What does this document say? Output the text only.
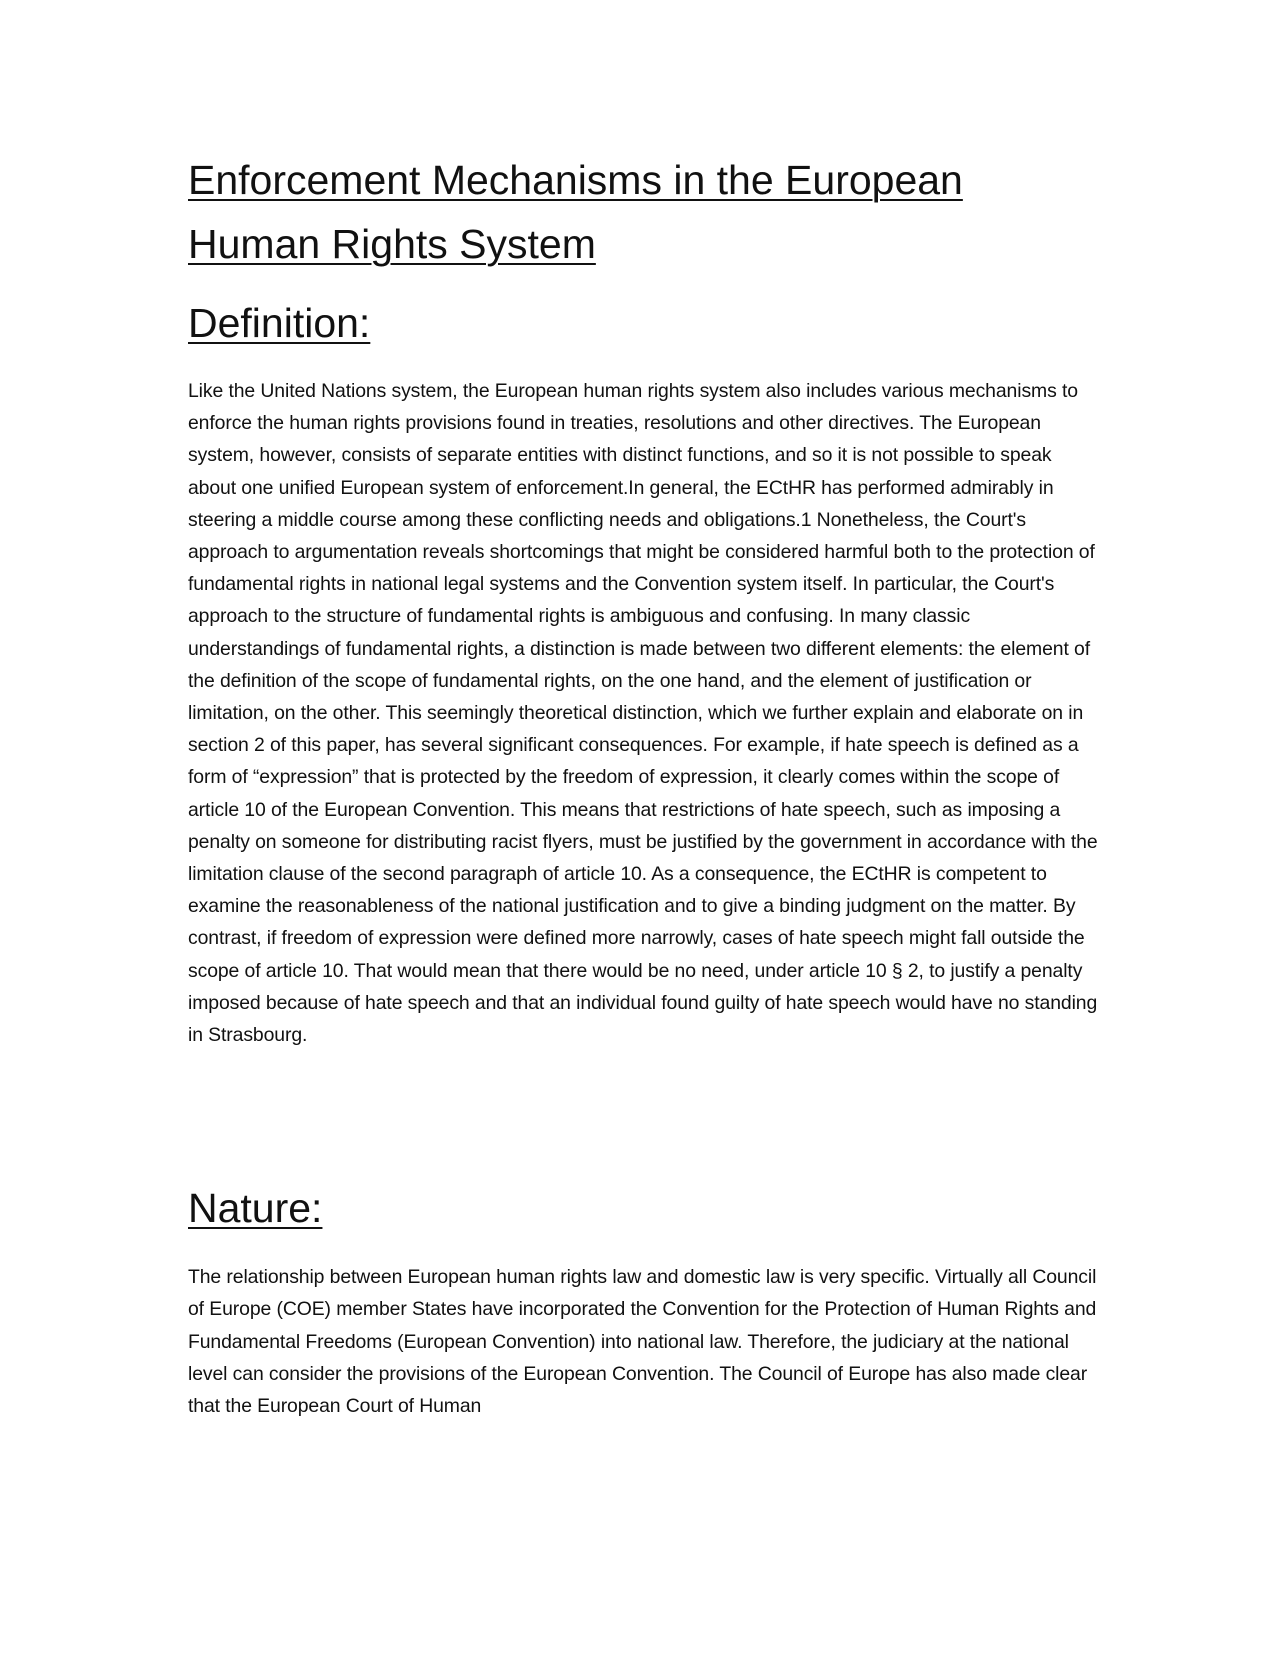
Enforcement Mechanisms in the European
Human Rights System
Definition:

Like the United Nations system, the European human rights system also includes various mechanisms to enforce the human rights provisions found in treaties, resolutions and other directives. The European system, however, consists of separate entities with distinct functions, and so it is not possible to speak about one unified European system of enforcement.In general, the ECtHR has performed admirably in steering a middle course among these conflicting needs and obligations.1 Nonetheless, the Court's approach to argumentation reveals shortcomings that might be considered harmful both to the protection of fundamental rights in national legal systems and the Convention system itself. In particular, the Court's approach to the structure of fundamental rights is ambiguous and confusing. In many classic understandings of fundamental rights, a distinction is made between two different elements: the element of the definition of the scope of fundamental rights, on the one hand, and the element of justification or limitation, on the other. This seemingly theoretical distinction, which we further explain and elaborate on in section 2 of this paper, has several significant consequences. For example, if hate speech is defined as a form of “expression” that is protected by the freedom of expression, it clearly comes within the scope of article 10 of the European Convention. This means that restrictions of hate speech, such as imposing a penalty on someone for distributing racist flyers, must be justified by the government in accordance with the limitation clause of the second paragraph of article 10. As a consequence, the ECtHR is competent to examine the reasonableness of the national justification and to give a binding judgment on the matter. By contrast, if freedom of expression were defined more narrowly, cases of hate speech might fall outside the scope of article 10. That would mean that there would be no need, under article 10 § 2, to justify a penalty imposed because of hate speech and that an individual found guilty of hate speech would have no standing in Strasbourg.

Nature:

The relationship between European human rights law and domestic law is very specific. Virtually all Council of Europe (COE) member States have incorporated the Convention for the Protection of Human Rights and Fundamental Freedoms (European Convention) into national law. Therefore, the judiciary at the national level can consider the provisions of the European Convention. The Council of Europe has also made clear that the European Court of Human
